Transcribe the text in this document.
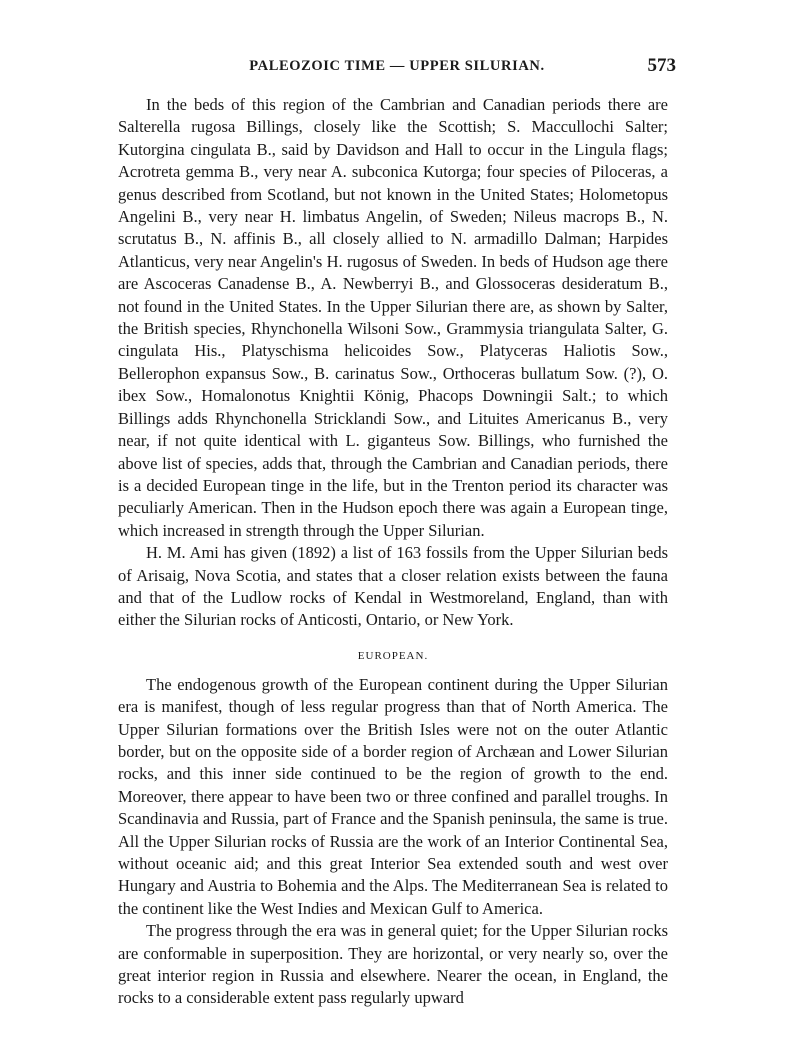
PALEOZOIC TIME — UPPER SILURIAN.	573

In the beds of this region of the Cambrian and Canadian periods there are Salterella rugosa Billings, closely like the Scottish; S. Maccullochi Salter; Kutorgina cingulata B., said by Davidson and Hall to occur in the Lingula flags; Acrotreta gemma B., very near A. subconica Kutorga; four species of Piloceras, a genus described from Scotland, but not known in the United States; Holometopus Angelini B., very near H. limbatus Angelin, of Sweden; Nileus macrops B., N. scrutatus B., N. affinis B., all closely allied to N. armadillo Dalman; Harpides Atlanticus, very near Angelin's H. rugosus of Sweden. In beds of Hudson age there are Ascoceras Canadense B., A. Newberryi B., and Glossoceras desideratum B., not found in the United States. In the Upper Silurian there are, as shown by Salter, the British species, Rhynchonella Wilsoni Sow., Grammysia triangulata Salter, G. cingulata His., Platyschisma helicoides Sow., Platyceras Haliotis Sow., Bellerophon expansus Sow., B. carinatus Sow., Orthoceras bullatum Sow. (?), O. ibex Sow., Homalonotus Knightii König, Phacops Downingii Salt.; to which Billings adds Rhynchonella Stricklandi Sow., and Lituites Americanus B., very near, if not quite identical with L. giganteus Sow. Billings, who furnished the above list of species, adds that, through the Cambrian and Canadian periods, there is a decided European tinge in the life, but in the Trenton period its character was peculiarly American. Then in the Hudson epoch there was again a European tinge, which increased in strength through the Upper Silurian.

H. M. Ami has given (1892) a list of 163 fossils from the Upper Silurian beds of Arisaig, Nova Scotia, and states that a closer relation exists between the fauna and that of the Ludlow rocks of Kendal in Westmoreland, England, than with either the Silurian rocks of Anticosti, Ontario, or New York.

EUROPEAN.

The endogenous growth of the European continent during the Upper Silurian era is manifest, though of less regular progress than that of North America. The Upper Silurian formations over the British Isles were not on the outer Atlantic border, but on the opposite side of a border region of Archæan and Lower Silurian rocks, and this inner side continued to be the region of growth to the end. Moreover, there appear to have been two or three confined and parallel troughs. In Scandinavia and Russia, part of France and the Spanish peninsula, the same is true. All the Upper Silurian rocks of Russia are the work of an Interior Continental Sea, without oceanic aid; and this great Interior Sea extended south and west over Hungary and Austria to Bohemia and the Alps. The Mediterranean Sea is related to the continent like the West Indies and Mexican Gulf to America.

The progress through the era was in general quiet; for the Upper Silurian rocks are conformable in superposition. They are horizontal, or very nearly so, over the great interior region in Russia and elsewhere. Nearer the ocean, in England, the rocks to a considerable extent pass regularly upward
